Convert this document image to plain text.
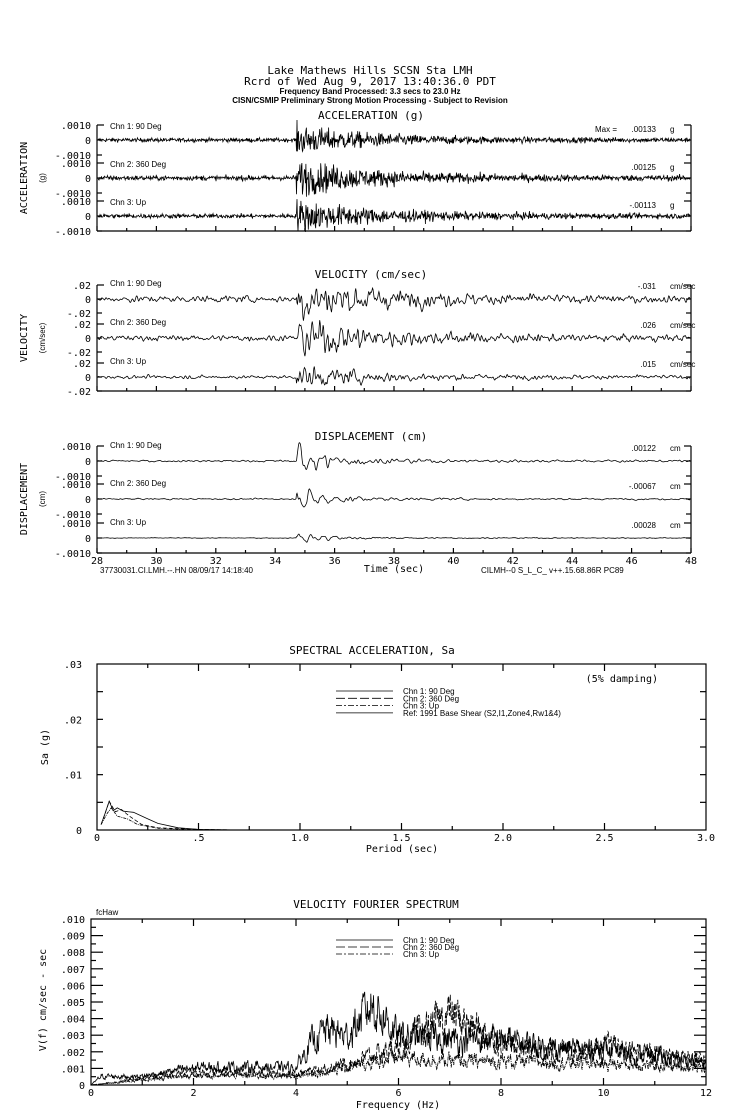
Lake Mathews Hills SCSN Sta LMH
Rcrd of Wed Aug 9, 2017 13:40:36.0 PDT
Frequency Band Processed: 3.3 secs to 23.0 Hz
CISN/CSMIP Preliminary Strong Motion Processing - Subject to Revision
ACCELERATION (g)
ACCELERATION (g)
.0010
0
-.0010
Chn 1: 90 Deg	Max = .00133 g
.0010
0
-.0010
Chn 2: 360 Deg	.00125 g
.0010
0
-.0010
Chn 3: Up	-.00113 g
VELOCITY (cm/sec)
VELOCITY (cm/sec)
.02
0
-.02
Chn 1: 90 Deg	-.031 cm/sec
.02
0
-.02
Chn 2: 360 Deg	.026 cm/sec
.02
0
-.02
Chn 3: Up	.015 cm/sec
DISPLACEMENT (cm)
DISPLACEMENT (cm)
28	30	32	34	36	38	40	42	44	46	48
Time (sec)
.0010
0
-.0010
Chn 1: 90 Deg	.00122 cm
.0010
0
-.0010
Chn 2: 360 Deg	-.00067 cm
.0010
0
-.0010
Chn 3: Up	.00028 cm
SPECTRAL ACCELERATION, Sa
0	.5	1.0	1.5	2.0	2.5	3.0
0
.01
.02
.03
Period (sec)
Sa (g)
(5% damping)
Chn 1: 90 Deg
Chn 2: 360 Deg
Chn 3: Up
Ref: 1991 Base Shear (S2,I1,Zone4,Rw1&4)
VELOCITY FOURIER SPECTRUM
fcHaw
0	2	4	6	8	10	12
0
.001
.002
.003
.004
.005
.006
.007
.008
.009
.010
Frequency (Hz)
V(f) cm/sec - sec
Chn 1: 90 Deg
Chn 2: 360 Deg
Chn 3: Up
37730031.CI.LMH.--.HN 08/09/17 14:18:40	CILMH--0 S_L_C_ v++.15.68.86R PC89
